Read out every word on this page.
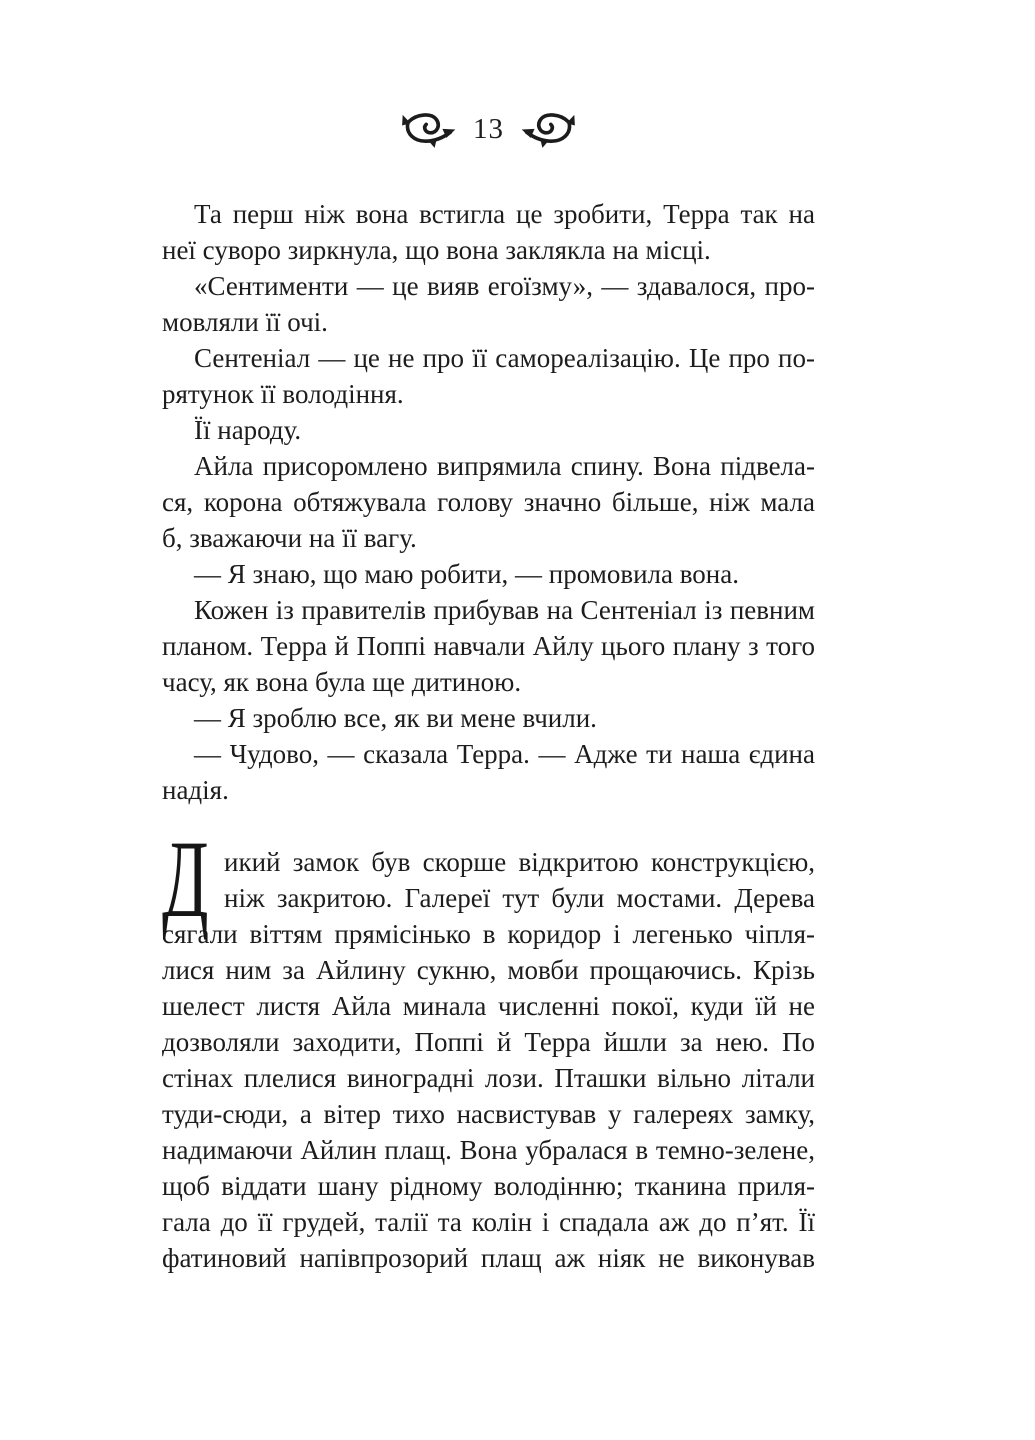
13
Та перш ніж вона встигла це зробити, Терра так на
неї суворо зиркнула, що вона заклякла на місці.
«Сентименти — це вияв егоїзму», — здавалося, про-
мовляли її очі.
Сентеніал — це не про її самореалізацію. Це про по-
рятунок її володіння.
Її народу.
Айла присоромлено випрямила спину. Вона підвела-
ся, корона обтяжувала голову значно більше, ніж мала
б, зважаючи на її вагу.
— Я знаю, що маю робити, — промовила вона.
Кожен із правителів прибував на Сентеніал із певним
планом. Терра й Поппі навчали Айлу цього плану з того
часу, як вона була ще дитиною.
— Я зроблю все, як ви мене вчили.
— Чудово, — сказала Терра. — Адже ти наша єдина
надія.
Д икий замок був скорше відкритою конструкцією,
ніж закритою. Галереї тут були мостами. Дерева
сягали віттям прямісінько в коридор і легенько чіпля-
лися ним за Айлину сукню, мовби прощаючись. Крізь
шелест листя Айла минала численні покої, куди їй не
дозволяли заходити, Поппі й Терра йшли за нею. По
стінах плелися виноградні лози. Пташки вільно літали
туди-сюди, а вітер тихо насвистував у галереях замку,
надимаючи Айлин плащ. Вона убралася в темно-зелене,
щоб віддати шану рідному володінню; тканина приля-
гала до її грудей, талії та колін і спадала аж до п’ят. Її
фатиновий напівпрозорий плащ аж ніяк не виконував
